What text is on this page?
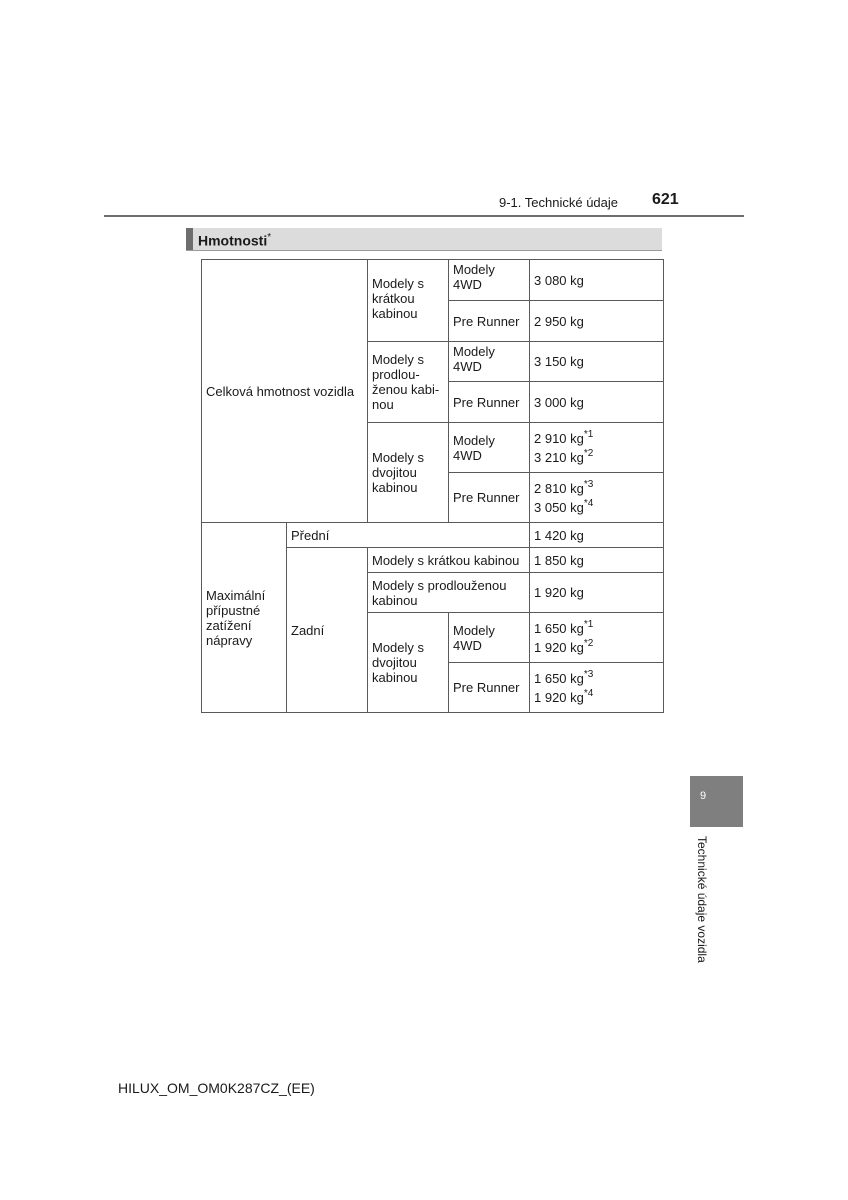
9-1. Technické údaje 621
Hmotnosti*
Celková hmotnost vozidla		Modely s krátkou kabinou	Modely 4WD	3 080 kg
			Pre Runner	2 950 kg
		Modely s prodlou-ženou kabi-nou	Modely 4WD	3 150 kg
			Pre Runner	3 000 kg
		Modely s dvojitou kabinou	Modely 4WD	2 910 kg$^{*1}$
3 210 kg$^{*2}$

			Pre Runner	2 810 kg$^{*3}$
3 050 kg$^{*4}$

Maximální přípustné zatížení nápravy	Přední			1 420 kg
	Zadní	Modely s krátkou kabinou		1 850 kg
		Modely s prodlouženou kabinou		1 920 kg
		Modely s dvojitou kabinou	Modely 4WD	1 650 kg$^{*1}$
1 920 kg$^{*2}$

			Pre Runner	1 650 kg$^{*3}$
1 920 kg$^{*4}$
9
Technické údaje vozidla
HILUX_OM_OM0K287CZ_(EE)
